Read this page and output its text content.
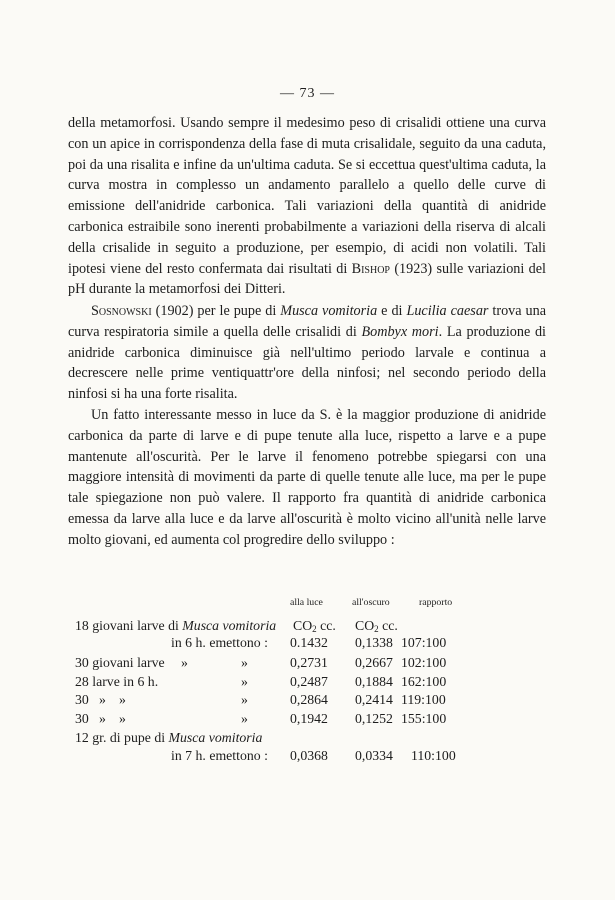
— 73 —
della metamorfosi. Usando sempre il medesimo peso di crisalidi ottiene una curva con un apice in corrispondenza della fase di muta crisalidale, seguito da una caduta, poi da una risalita e infine da un'ultima caduta. Se si eccettua quest'ultima caduta, la curva mostra in complesso un andamento parallelo a quello delle curve di emissione dell'anidride carbonica. Tali variazioni della quantità di anidride carbonica estraibile sono inerenti probabilmente a variazioni della riserva di alcali della crisalide in seguito a produzione, per esempio, di acidi non volatili. Tali ipotesi viene del resto confermata dai risultati di Bishop (1923) sulle variazioni del pH durante la metamorfosi dei Ditteri.
Sosnowski (1902) per le pupe di Musca vomitoria e di Lucilia caesar trova una curva respiratoria simile a quella delle crisalidi di Bombyx mori. La produzione di anidride carbonica diminuisce già nell'ultimo periodo larvale e continua a decrescere nelle prime ventiquattr'ore della ninfosi; nel secondo periodo della ninfosi si ha una forte risalita.
Un fatto interessante messo in luce da S. è la maggior produzione di anidride carbonica da parte di larve e di pupe tenute alla luce, rispetto a larve e a pupe mantenute all'oscurità. Per le larve il fenomeno potrebbe spiegarsi con una maggiore intensità di movimenti da parte di quelle tenute alle luce, ma per le pupe tale spiegazione non può valere. Il rapporto fra quantità di anidride carbonica emessa da larve alla luce e da larve all'oscurità è molto vicino all'unità nelle larve molto giovani, ed aumenta col progredire dello sviluppo :
alla luce	all'oscuro	rapporto
18 giovani larve di Musca vomitoria $CO_2$ cc. $CO_2$ cc.
in 6 h. emettono : 0.1432 0,1338 107:100
30 giovani larve »	»	0,2731 0,2667 102:100
28 larve in 6 h.	»	0,2487 0,1884 162:100
30 » »	»	0,2864 0,2414 119:100
30 » »	»	0,1942 0,1252 155:100
12 gr. di pupe di Musca vomitoria
in 7 h. emettono : 0,0368 0,0334 110:100
